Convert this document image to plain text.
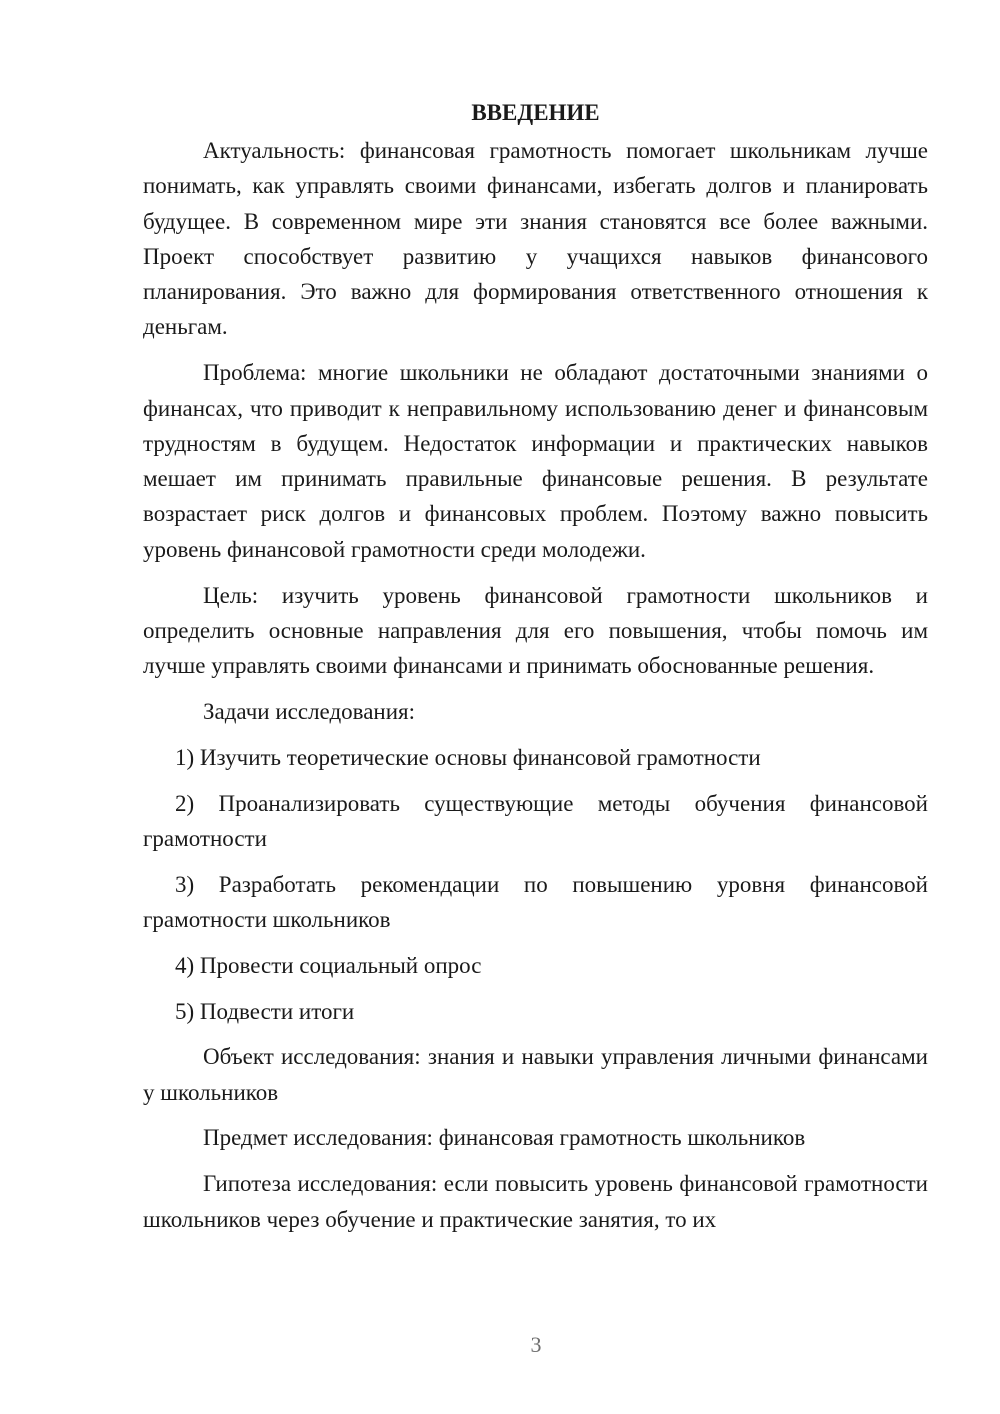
ВВЕДЕНИЕ

Актуальность: финансовая грамотность помогает школьникам лучше понимать, как управлять своими финансами, избегать долгов и планировать будущее. В современном мире эти знания становятся все более важными. Проект способствует развитию у учащихся навыков финансового планирования. Это важно для формирования ответственного отношения к деньгам.

Проблема: многие школьники не обладают достаточными знаниями о финансах, что приводит к неправильному использованию денег и финансовым трудностям в будущем. Недостаток информации и практических навыков мешает им принимать правильные финансовые решения. В результате возрастает риск долгов и финансовых проблем. Поэтому важно повысить уровень финансовой грамотности среди молодежи.

Цель: изучить уровень финансовой грамотности школьников и определить основные направления для его повышения, чтобы помочь им лучше управлять своими финансами и принимать обоснованные решения.

Задачи исследования:

1) Изучить теоретические основы финансовой грамотности

2) Проанализировать существующие методы обучения финансовой грамотности

3) Разработать рекомендации по повышению уровня финансовой грамотности школьников

4) Провести социальный опрос

5) Подвести итоги

Объект исследования: знания и навыки управления личными финансами у школьников

Предмет исследования: финансовая грамотность школьников

Гипотеза исследования: если повысить уровень финансовой грамотности школьников через обучение и практические занятия, то их

3
